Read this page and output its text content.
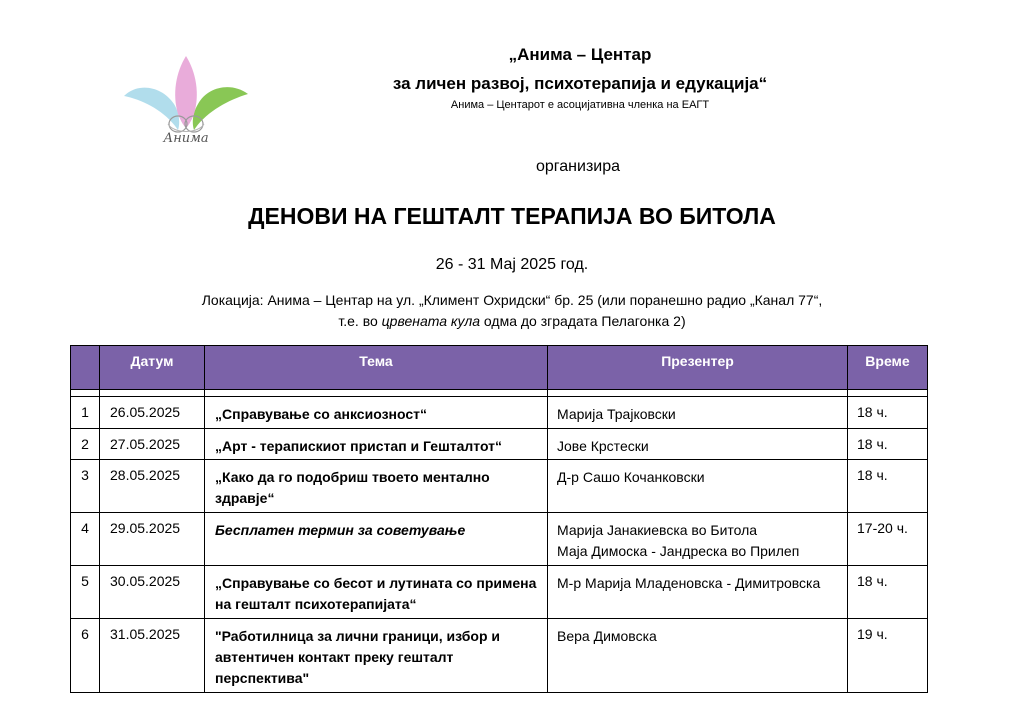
Анима
„Анима – Центар
за личен развој, психотерапија и едукација“
Анима – Центарот е асоцијативна членка на ЕАГТ
организира
ДЕНОВИ НА ГЕШТАЛТ ТЕРАПИЈА ВО БИТОЛА
26 - 31 Мај 2025 год.
Локација: Анима – Центар на ул. „Климент Охридски“ бр. 25 (или поранешно радио „Канал 77“,
т.е. во црвената кула одма до зградата Пелагонка 2)
	Датум	Тема	Презентер	Време

1	26.05.2025	„Справување со анксиозност“	Марија Трајковски	18 ч.
2	27.05.2025	„Арт - терапискиот пристап и Гешталтот“	Јове Крстески	18 ч.
3	28.05.2025	„Како да го подобриш твоето ментално здравје“	Д-р Сашо Кочанковски	18 ч.
4	29.05.2025	Бесплатен термин за советување	Марија Јанакиевска во Битола
Маја Димоска - Јандреска во Прилеп	17-20 ч.
5	30.05.2025	„Справување со бесот и лутината со примена на гешталт психотерапијата“	М-р Марија Младеновска - Димитровска	18 ч.
6	31.05.2025	"Работилница за лични граници, избор и автентичен контакт преку гешталт перспектива"	Вера Димовска	19 ч.
